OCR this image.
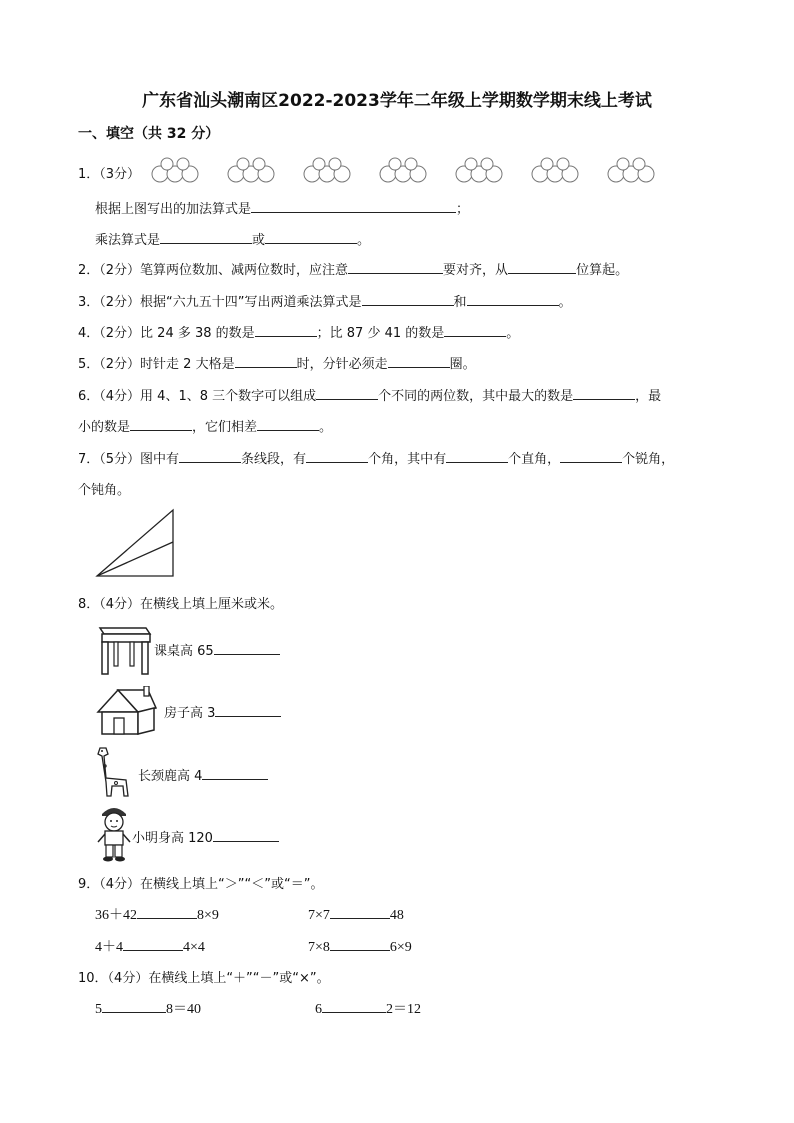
广东省汕头潮南区2022-2023学年二年级上学期数学期末线上考试
一、填空（共 32 分）
1．（3分）
根据上图写出的加法算式是	；
乘法算式是	或	。
2．（2分）笔算两位数加、减两位数时，应注意	要对齐，从	位算起。
3．（2分）根据“六九五十四”写出两道乘法算式是	和	。
4．（2分）比 24 多 38 的数是	；比 87 少 41 的数是	。
5．（2分）时针走 2 大格是	时，分针必须走	圈。
6．（4分）用 4、1、8 三个数字可以组成	个不同的两位数，其中最大的数是	，最
小的数是	，它们相差	。
7．（5分）图中有	条线段，有	个角，其中有	个直角，	个锐角，
个钝角。
8．（4分）在横线上填上厘米或米。
课桌高 65
房子高 3
长颈鹿高 4
小明身高 120
9．（4分）在横线上填上“＞”“＜”或“＝”。
36＋42	8×9	7×7	48
4＋4	4×4	7×8	6×9
10．（4分）在横线上填上“＋”“－”或“×”。
5	8＝40	6	2＝12
